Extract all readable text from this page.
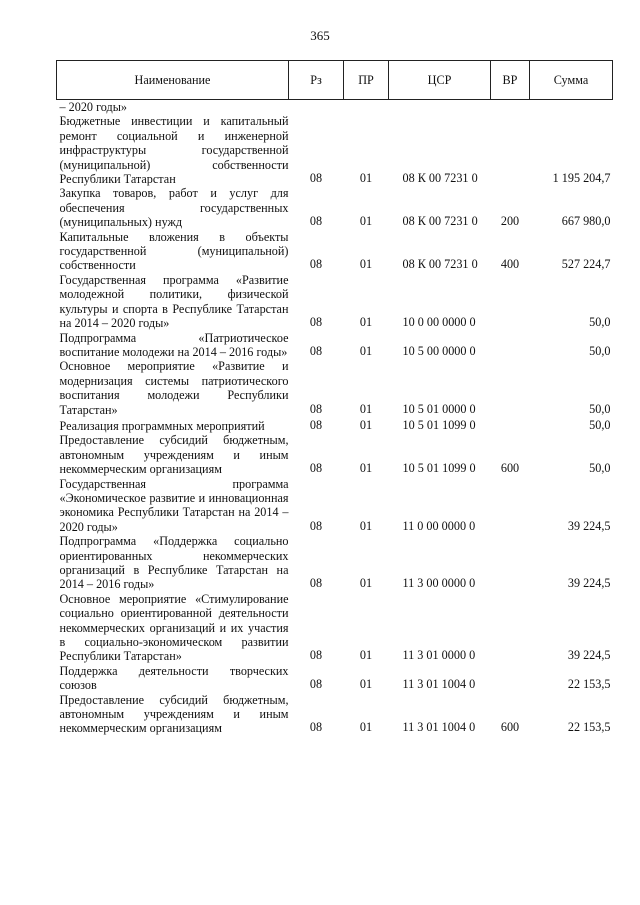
365
Наименование	Рз	ПР	ЦСР	ВР	Сумма
– 2020 годы»					
Бюджетные инвестиции и капитальный ремонт социальной и инженерной инфраструктуры государственной (муниципальной) собственности Республики Татарстан	08	01	08 К 00 7231 0		1 195 204,7
Закупка товаров, работ и услуг для обеспечения государственных (муниципальных) нужд	08	01	08 К 00 7231 0	200	667 980,0
Капитальные вложения в объекты государственной (муниципальной) собственности	08	01	08 К 00 7231 0	400	527 224,7
Государственная программа «Развитие молодежной политики, физической культуры и спорта в Республике Татарстан на 2014 – 2020 годы»	08	01	10 0 00 0000 0		50,0
Подпрограмма «Патриотическое воспитание молодежи на 2014 – 2016 годы»	08	01	10 5 00 0000 0		50,0
Основное мероприятие «Развитие и модернизация системы патриотического воспитания молодежи Республики Татарстан»	08	01	10 5 01 0000 0		50,0
Реализация программных мероприятий	08	01	10 5 01 1099 0		50,0
Предоставление субсидий бюджетным, автономным учреждениям и иным некоммерческим организациям	08	01	10 5 01 1099 0	600	50,0
Государственная программа «Экономическое развитие и инновационная экономика Республики Татарстан на 2014 – 2020 годы»	08	01	11 0 00 0000 0		39 224,5
Подпрограмма «Поддержка социально ориентированных некоммерческих организаций в Республике Татарстан на 2014 – 2016 годы»	08	01	11 3 00 0000 0		39 224,5
Основное мероприятие «Стимулирование социально ориентированной деятельности некоммерческих организаций и их участия в социально-экономическом развитии Республики Татарстан»	08	01	11 3 01 0000 0		39 224,5
Поддержка деятельности творческих союзов	08	01	11 3 01 1004 0		22 153,5
Предоставление субсидий бюджетным, автономным учреждениям и иным некоммерческим организациям	08	01	11 3 01 1004 0	600	22 153,5
